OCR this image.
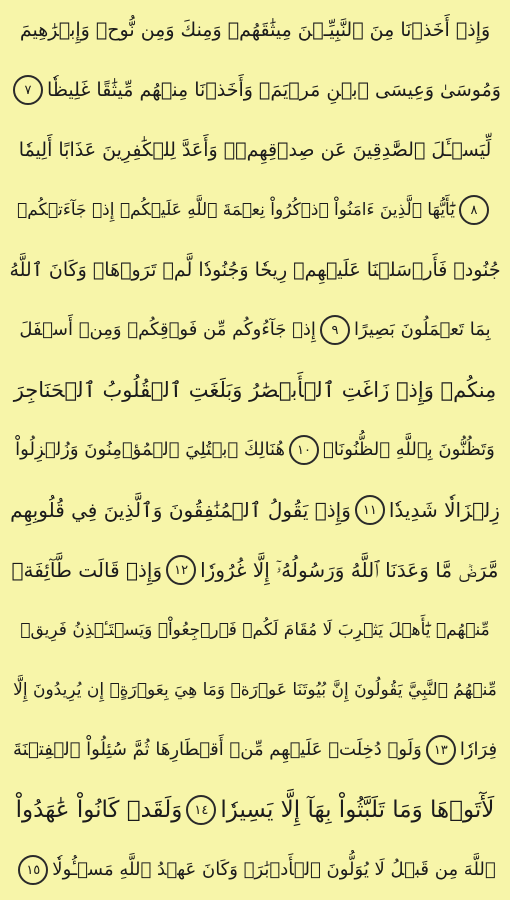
وَإِذۡ أَخَذۡنَا مِنَ ٱلنَّبِيِّـۧنَ مِيثَٰقَهُمۡ وَمِنكَ وَمِن نُّوحٖ وَإِبۡرَٰهِيمَ
وَمُوسَىٰ وَعِيسَى ٱبۡنِ مَرۡيَمَۖ وَأَخَذۡنَا مِنۡهُم مِّيثَٰقًا غَلِيظٗا
٧
لِّيَسۡـَٔلَ ٱلصَّٰدِقِينَ عَن صِدۡقِهِمۡۚ وَأَعَدَّ لِلۡكَٰفِرِينَ عَذَابًا أَلِيمٗا
٨
يَٰٓأَيُّهَا ٱلَّذِينَ ءَامَنُواْ ٱذۡكُرُواْ نِعۡمَةَ ٱللَّهِ عَلَيۡكُمۡ إِذۡ جَآءَتۡكُمۡ
جُنُودٞ فَأَرۡسَلۡنَا عَلَيۡهِمۡ رِيحٗا وَجُنُودٗا لَّمۡ تَرَوۡهَاۚ وَكَانَ ٱللَّهُ
بِمَا تَعۡمَلُونَ بَصِيرًا
٩
إِذۡ جَآءُوكُم مِّن فَوۡقِكُمۡ وَمِنۡ أَسۡفَلَ
مِنكُمۡ وَإِذۡ زَاغَتِ ٱلۡأَبۡصَٰرُ وَبَلَغَتِ ٱلۡقُلُوبُ ٱلۡحَنَاجِرَ
وَتَظُنُّونَ بِٱللَّهِ ٱلظُّنُونَا۠
١٠
هُنَالِكَ ٱبۡتُلِيَ ٱلۡمُؤۡمِنُونَ وَزُلۡزِلُواْ
زِلۡزَالٗا شَدِيدٗا
١١
وَإِذۡ يَقُولُ ٱلۡمُنَٰفِقُونَ وَٱلَّذِينَ فِي قُلُوبِهِم
مَّرَضٞ مَّا وَعَدَنَا ٱللَّهُ وَرَسُولُهُۥٓ إِلَّا غُرُورٗا
١٢
وَإِذۡ قَالَت طَّآئِفَةٞ
مِّنۡهُمۡ يَٰٓأَهۡلَ يَثۡرِبَ لَا مُقَامَ لَكُمۡ فَٱرۡجِعُواْۚ وَيَسۡتَـٔۡذِنُ فَرِيقٞ
مِّنۡهُمُ ٱلنَّبِيَّ يَقُولُونَ إِنَّ بُيُوتَنَا عَوۡرَةٞ وَمَا هِيَ بِعَوۡرَةٍۖ إِن يُرِيدُونَ إِلَّا
فِرَارٗا
١٣
وَلَوۡ دُخِلَتۡ عَلَيۡهِم مِّنۡ أَقۡطَارِهَا ثُمَّ سُئِلُواْ ٱلۡفِتۡنَةَ
لَأٓتَوۡهَا وَمَا تَلَبَّثُواْ بِهَآ إِلَّا يَسِيرٗا
١٤
وَلَقَدۡ كَانُواْ عَٰهَدُواْ
ٱللَّهَ مِن قَبۡلُ لَا يُوَلُّونَ ٱلۡأَدۡبَٰرَۚ وَكَانَ عَهۡدُ ٱللَّهِ مَسۡـُٔولٗا
١٥
